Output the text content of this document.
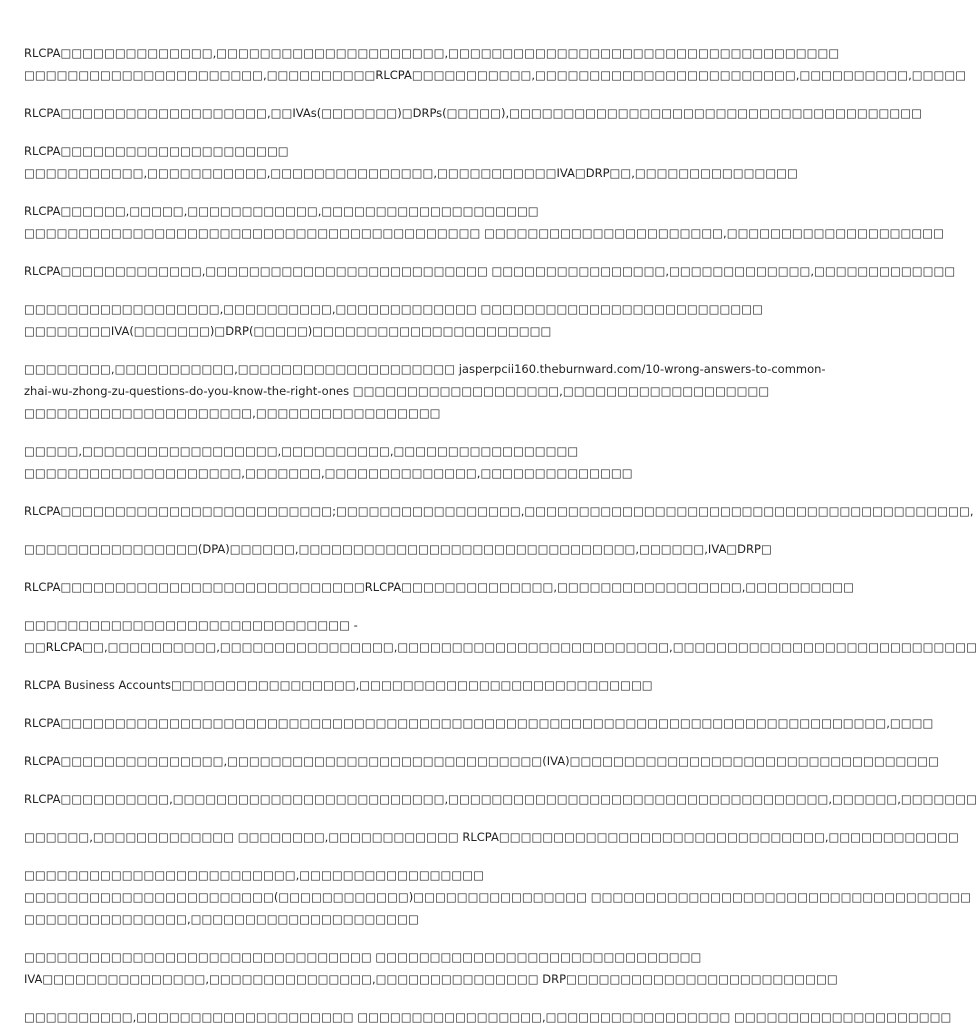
RLCPA□□□□□□□□□□□□□□,□□□□□□□□□□□□□□□□□□□□□,□□□□□□□□□□□□□□□□□□□□□□□□□□□□□□□□□□□□
□□□□□□□□□□□□□□□□□□□□□□,□□□□□□□□□□RLCPA□□□□□□□□□□□,□□□□□□□□□□□□□□□□□□□□□□□□,□□□□□□□□□□,□□□□□

RLCPA□□□□□□□□□□□□□□□□□□□,□□IVAs(□□□□□□□)□DRPs(□□□□□),□□□□□□□□□□□□□□□□□□□□□□□□□□□□□□□□□□□□□□

RLCPA□□□□□□□□□□□□□□□□□□□□□
□□□□□□□□□□□,□□□□□□□□□□□,□□□□□□□□□□□□□□□,□□□□□□□□□□□IVA□DRP□□,□□□□□□□□□□□□□□□

RLCPA□□□□□□,□□□□□,□□□□□□□□□□□□,□□□□□□□□□□□□□□□□□□□□
□□□□□□□□□□□□□□□□□□□□□□□□□□□□□□□□□□□□□□□□□□ □□□□□□□□□□□□□□□□□□□□□□,□□□□□□□□□□□□□□□□□□□□

RLCPA□□□□□□□□□□□□□,□□□□□□□□□□□□□□□□□□□□□□□□□□ □□□□□□□□□□□□□□□□,□□□□□□□□□□□□□,□□□□□□□□□□□□□

□□□□□□□□□□□□□□□□□□,□□□□□□□□□□,□□□□□□□□□□□□□ □□□□□□□□□□□□□□□□□□□□□□□□□□
□□□□□□□□IVA(□□□□□□□)□DRP(□□□□□)□□□□□□□□□□□□□□□□□□□□□□

□□□□□□□□,□□□□□□□□□□□,□□□□□□□□□□□□□□□□□□□□ jasperpcii160.theburnward.com/10-wrong-answers-to-common-
zhai-wu-zhong-zu-questions-do-you-know-the-right-ones □□□□□□□□□□□□□□□□□□□,□□□□□□□□□□□□□□□□□□□
□□□□□□□□□□□□□□□□□□□□□,□□□□□□□□□□□□□□□□□

□□□□□,□□□□□□□□□□□□□□□□□□,□□□□□□□□□□,□□□□□□□□□□□□□□□□□
□□□□□□□□□□□□□□□□□□□□,□□□□□□□,□□□□□□□□□□□□□□,□□□□□□□□□□□□□□

RLCPA□□□□□□□□□□□□□□□□□□□□□□□□□;□□□□□□□□□□□□□□□□□,□□□□□□□□□□□□□□□□□□□□□□□□□□□□□□□□□□□□□□□□□,

□□□□□□□□□□□□□□□□(DPA)□□□□□□,□□□□□□□□□□□□□□□□□□□□□□□□□□□□□□□,□□□□□□,IVA□DRP□

RLCPA□□□□□□□□□□□□□□□□□□□□□□□□□□□□RLCPA□□□□□□□□□□□□□□,□□□□□□□□□□□□□□□□□,□□□□□□□□□□

□□□□□□□□□□□□□□□□□□□□□□□□□□□□□□ -
□□RLCPA□□,□□□□□□□□□□,□□□□□□□□□□□□□□□□,□□□□□□□□□□□□□□□□□□□□□□□□□,□□□□□□□□□□□□□□□□□□□□□□□□□□□□

RLCPA Business Accounts□□□□□□□□□□□□□□□□□,□□□□□□□□□□□□□□□□□□□□□□□□□□□

RLCPA□□□□□□□□□□□□□□□□□□□□□□□□□□□□□□□□□□□□□□□□□□□□□□□□□□□□□□□□□□□□□□□□□□□□□□□□□□□□,□□□□

RLCPA□□□□□□□□□□□□□□□,□□□□□□□□□□□□□□□□□□□□□□□□□□□□□(IVA)□□□□□□□□□□□□□□□□□□□□□□□□□□□□□□□□□□

RLCPA□□□□□□□□□□,□□□□□□□□□□□□□□□□□□□□□□□□□,□□□□□□□□□□□□□□□□□□□□□□□□□□□□□□□□□□□,□□□□□□,□□□□□□□

□□□□□□,□□□□□□□□□□□□□ □□□□□□□□,□□□□□□□□□□□□ RLCPA□□□□□□□□□□□□□□□□□□□□□□□□□□□□□□,□□□□□□□□□□□□

□□□□□□□□□□□□□□□□□□□□□□□□□,□□□□□□□□□□□□□□□□□
□□□□□□□□□□□□□□□□□□□□□□□(□□□□□□□□□□□□)□□□□□□□□□□□□□□□□ □□□□□□□□□□□□□□□□□□□□□□□□□□□□□□□□□□□
□□□□□□□□□□□□□□□,□□□□□□□□□□□□□□□□□□□□□

□□□□□□□□□□□□□□□□□□□□□□□□□□□□□□□□ □□□□□□□□□□□□□□□□□□□□□□□□□□□□□□
IVA□□□□□□□□□□□□□□□,□□□□□□□□□□□□□□□,□□□□□□□□□□□□□□□ DRP□□□□□□□□□□□□□□□□□□□□□□□□□

□□□□□□□□□□,□□□□□□□□□□□□□□□□□□□□ □□□□□□□□□□□□□□□□□,□□□□□□□□□□□□□□□□□ □□□□□□□□□□□□□□□□□□□□
